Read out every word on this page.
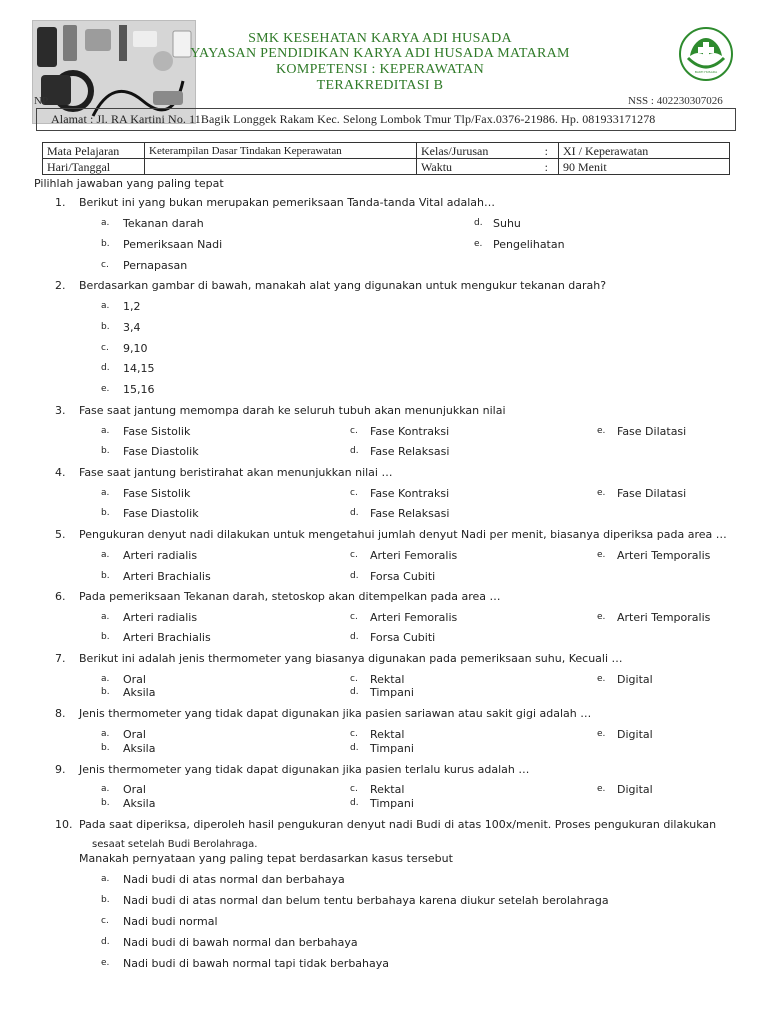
BAKTI HUSADA
SMK KESEHATAN KARYA ADI HUSADA
YAYASAN PENDIDIKAN KARYA ADI HUSADA MATARAM
KOMPETENSI : KEPERAWATAN
TERAKREDITASI B
NP	NSS : 402230307026
Alamat : Jl. RA Kartini No. 11Bagik Longgek Rakam Kec. Selong Lombok Tmur Tlp/Fax.0376-21986. Hp. 081933171278
Mata Pelajaran	Keterampilan Dasar Tindakan Keperawatan	Kelas/Jurusan	:	XI / Keperawatan
Hari/Tanggal		Waktu	:	90 Menit
Pilihlah jawaban yang paling tepat
1. Berikut ini yang bukan merupakan pemeriksaan Tanda-tanda Vital adalah…
a. Tekanan darah
b. Pemeriksaan Nadi
c. Pernapasan
d. Suhu
e. Pengelihatan
2. Berdasarkan gambar di bawah, manakah alat yang digunakan untuk mengukur tekanan darah?
a. 1,2
b. 3,4
c. 9,10
d. 14,15
e. 15,16
3. Fase saat jantung memompa darah ke seluruh tubuh akan menunjukkan nilai
a. Fase Sistolik
b. Fase Diastolik
c. Fase Kontraksi
d. Fase Relaksasi
e. Fase Dilatasi
4. Fase saat jantung beristirahat akan menunjukkan nilai …
a. Fase Sistolik
b. Fase Diastolik
c. Fase Kontraksi
d. Fase Relaksasi
e. Fase Dilatasi
5. Pengukuran denyut nadi dilakukan untuk mengetahui jumlah denyut Nadi per menit, biasanya diperiksa pada area …
a. Arteri radialis
b. Arteri Brachialis
c. Arteri Femoralis
d. Forsa Cubiti
e. Arteri Temporalis
6. Pada pemeriksaan Tekanan darah, stetoskop akan ditempelkan pada area …
a. Arteri radialis
b. Arteri Brachialis
c. Arteri Femoralis
d. Forsa Cubiti
e. Arteri Temporalis
7. Berikut ini adalah jenis thermometer yang biasanya digunakan pada pemeriksaan suhu, Kecuali …
a. Oral
b. Aksila
c. Rektal
d. Timpani
e. Digital
8. Jenis thermometer yang tidak dapat digunakan jika pasien sariawan atau sakit gigi adalah …
a. Oral
b. Aksila
c. Rektal
d. Timpani
e. Digital
9. Jenis thermometer yang tidak dapat digunakan jika pasien terlalu kurus adalah …
a. Oral
b. Aksila
c. Rektal
d. Timpani
e. Digital
10. Pada saat diperiksa, diperoleh hasil pengukuran denyut nadi Budi di atas 100x/menit. Proses pengukuran dilakukan
sesaat setelah Budi Berolahraga.
Manakah pernyataan yang paling tepat berdasarkan kasus tersebut
a. Nadi budi di atas normal dan berbahaya
b. Nadi budi di atas normal dan belum tentu berbahaya karena diukur setelah berolahraga
c. Nadi budi normal
d. Nadi budi di bawah normal dan berbahaya
e. Nadi budi di bawah normal tapi tidak berbahaya
